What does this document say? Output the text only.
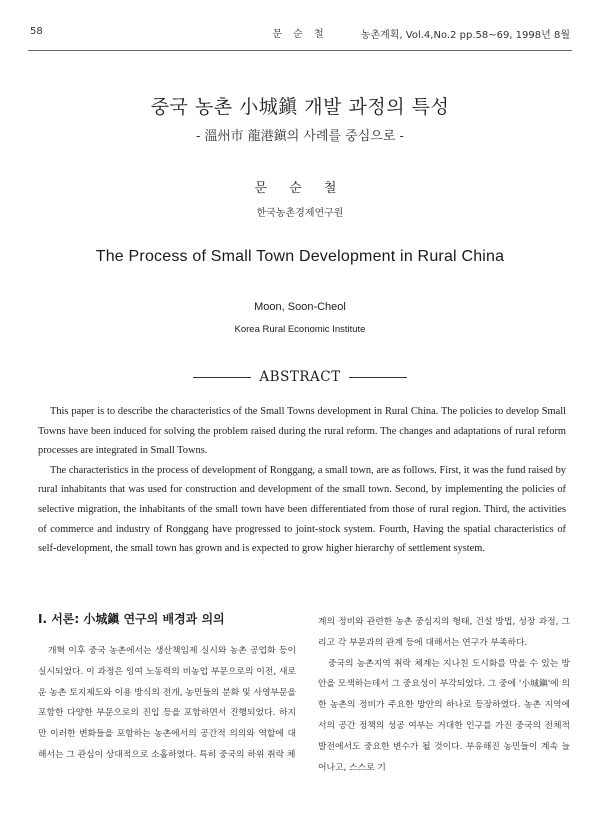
58	문 순 철	농촌계획, Vol.4,No.2 pp.58~69, 1998년 8월
중국 농촌 小城鎭 개발 과정의 특성
- 溫州市 龍港鎭의 사례를 중심으로 -
문 순 철
한국농촌경제연구원
The Process of Small Town Development in Rural China
Moon, Soon-Cheol
Korea Rural Economic Institute
ABSTRACT

This paper is to describe the characteristics of the Small Towns development in Rural China. The policies to develop Small Towns have been induced for solving the problem raised during the rural reform. The changes and adaptations of rural reform processes are integrated in Small Towns.

The characteristics in the process of development of Ronggang, a small town, are as follows. First, it was the fund raised by rural inhabitants that was used for construction and development of the small town. Second, by implementing the policies of selective migration, the inhabitants of the small town have been differentiated from those of rural region. Third, the activities of commerce and industry of Ronggang have progressed to joint-stock system. Fourth, Having the spatial characteristics of self-development, the small town has grown and is expected to grow higher hierarchy of settlement system.

Ⅰ. 서론: 小城鎭 연구의 배경과 의의

개혁 이후 중국 농촌에서는 생산책임제 실시와 농촌 공업화 등이 실시되었다. 이 과정은 잉여 노동력의 비농업 부문으로의 이전, 새로운 농촌 토지제도와 이용 방식의 전개, 농민들의 분화 및 사영부문을 포함한 다양한 부문으로의 진입 등을 포함하면서 진행되었다. 하지만 이러한 변화들을 포함하는 농촌에서의 공간적 의의와 역할에 대해서는 그 관심이 상대적으로 소홀하였다. 특히 중국의 하위 취락 체

계의 정비와 관련한 농촌 중심지의 형태, 건설 방법, 성장 과정, 그리고 각 부문과의 관계 등에 대해서는 연구가 부족하다.

중국의 농촌지역 취락 체계는 지나친 도시화를 막을 수 있는 방안을 모색하는데서 그 중요성이 부각되었다. 그 중에 '小城鎭'에 의한 농촌의 정비가 주요한 방안의 하나로 등장하였다. 농촌 지역에서의 공간 정책의 성공 여부는 거대한 인구를 가진 중국의 전체적 발전에서도 중요한 변수가 될 것이다. 부유해진 농민들이 계속 늘어나고, 스스로 기
